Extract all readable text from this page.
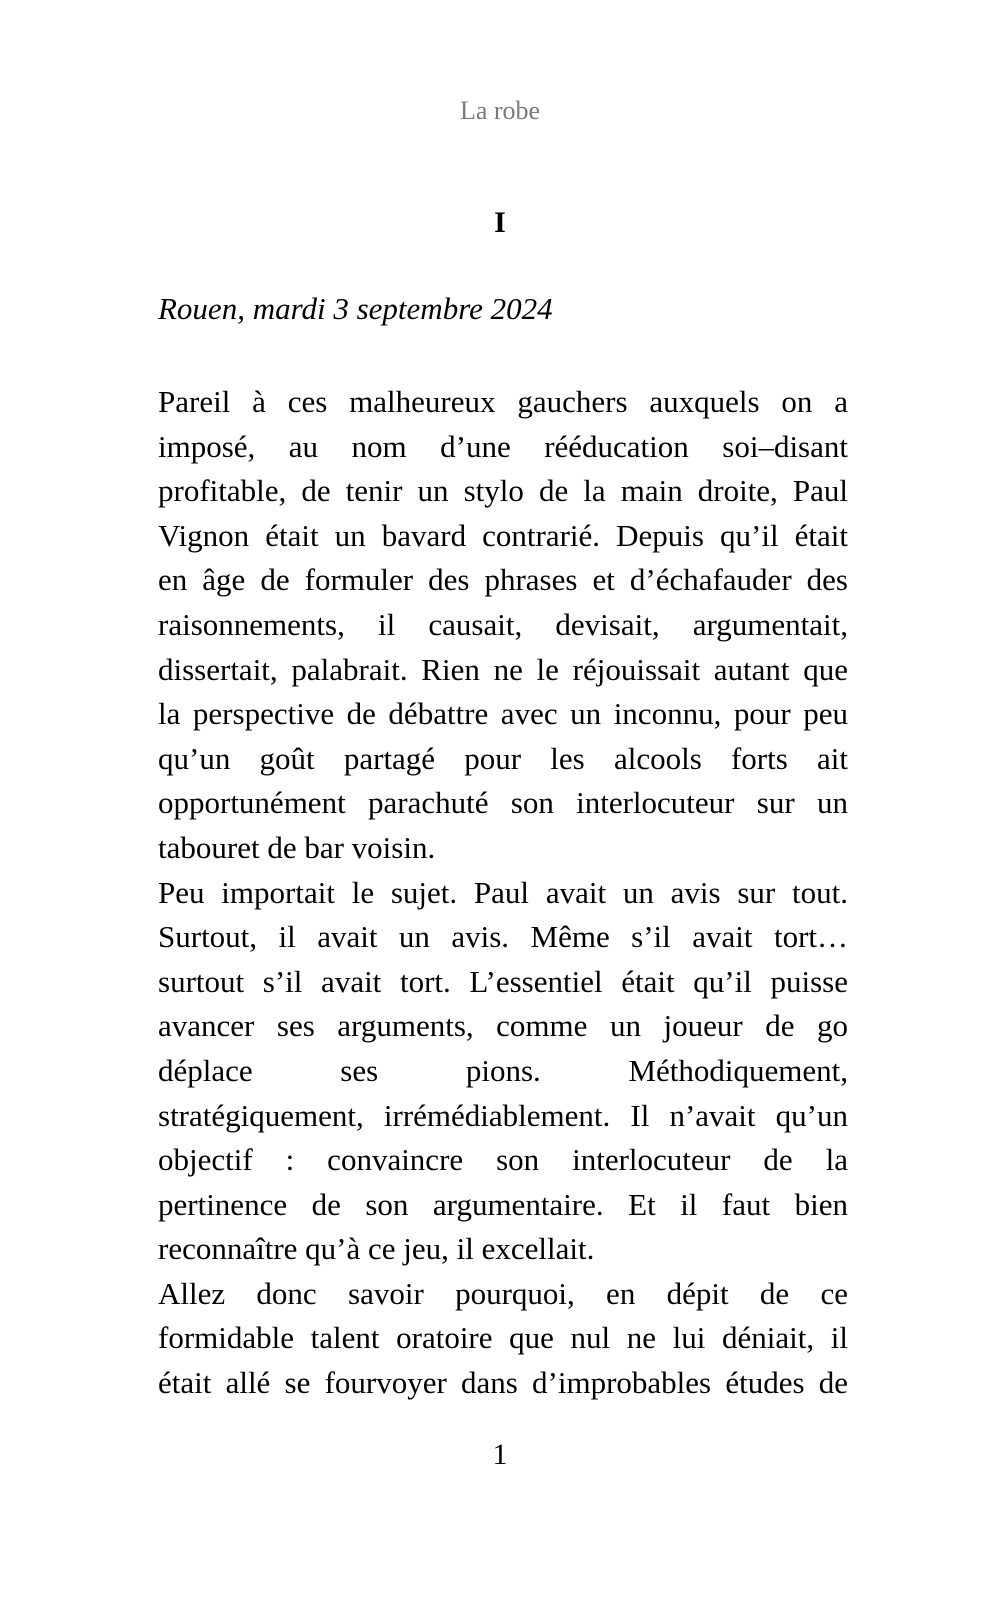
La robe
I
Rouen, mardi 3 septembre 2024
Pareil à ces malheureux gauchers auxquels on a
imposé, au nom d’une rééducation soi–disant
profitable, de tenir un stylo de la main droite, Paul
Vignon était un bavard contrarié. Depuis qu’il était
en âge de formuler des phrases et d’échafauder des
raisonnements, il causait, devisait, argumentait,
dissertait, palabrait. Rien ne le réjouissait autant que
la perspective de débattre avec un inconnu, pour peu
qu’un goût partagé pour les alcools forts ait
opportunément parachuté son interlocuteur sur un
tabouret de bar voisin.
Peu importait le sujet. Paul avait un avis sur tout.
Surtout, il avait un avis. Même s’il avait tort…
surtout s’il avait tort. L’essentiel était qu’il puisse
avancer ses arguments, comme un joueur de go
déplace ses pions. Méthodiquement,
stratégiquement, irrémédiablement. Il n’avait qu’un
objectif : convaincre son interlocuteur de la
pertinence de son argumentaire. Et il faut bien
reconnaître qu’à ce jeu, il excellait.
Allez donc savoir pourquoi, en dépit de ce
formidable talent oratoire que nul ne lui déniait, il
était allé se fourvoyer dans d’improbables études de
1
